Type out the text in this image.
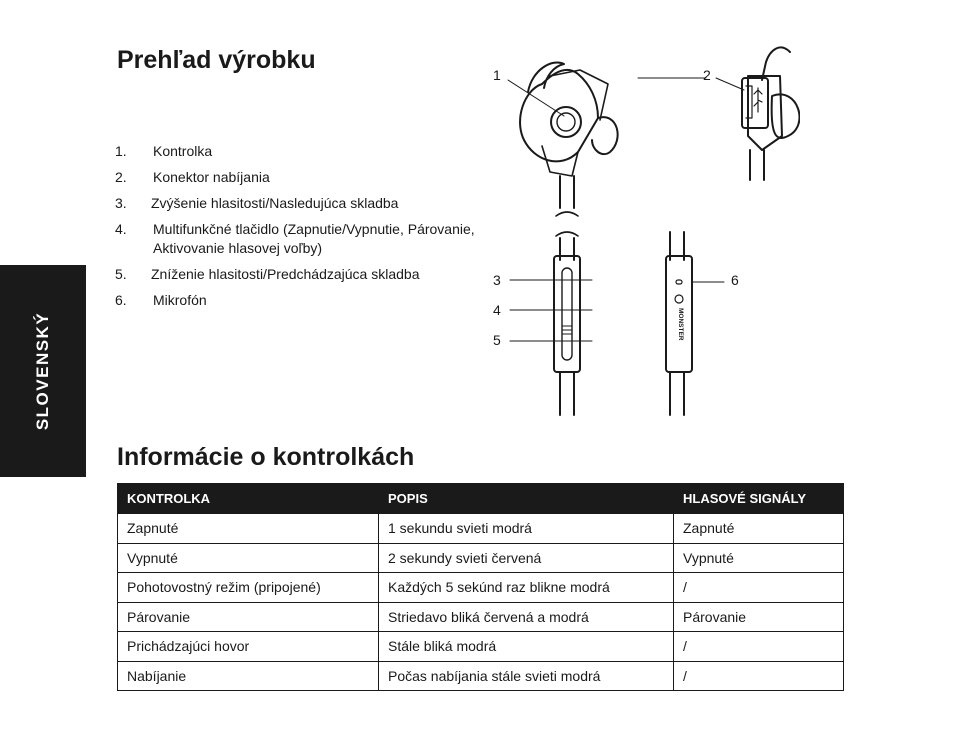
SLOVENSKÝ
Prehľad výrobku
1. Kontrolka
2. Konektor nabíjania
3. Zvýšenie hlasitosti/Nasledujúca skladba
4. Multifunkčné tlačidlo (Zapnutie/Vypnutie, Párovanie, Aktivovanie hlasovej voľby)
5. Zníženie hlasitosti/Predchádzajúca skladba
6. Mikrofón
MONSTER
1	2
3
4
5
6
Informácie o kontrolkách
KONTROLKA	POPIS	HLASOVÉ SIGNÁLY
Zapnuté	1 sekundu svieti modrá	Zapnuté
Vypnuté	2 sekundy svieti červená	Vypnuté
Pohotovostný režim (pripojené)	Každých 5 sekúnd raz blikne modrá	/
Párovanie	Striedavo bliká červená a modrá	Párovanie
Prichádzajúci hovor	Stále bliká modrá	/
Nabíjanie	Počas nabíjania stále svieti modrá	/
